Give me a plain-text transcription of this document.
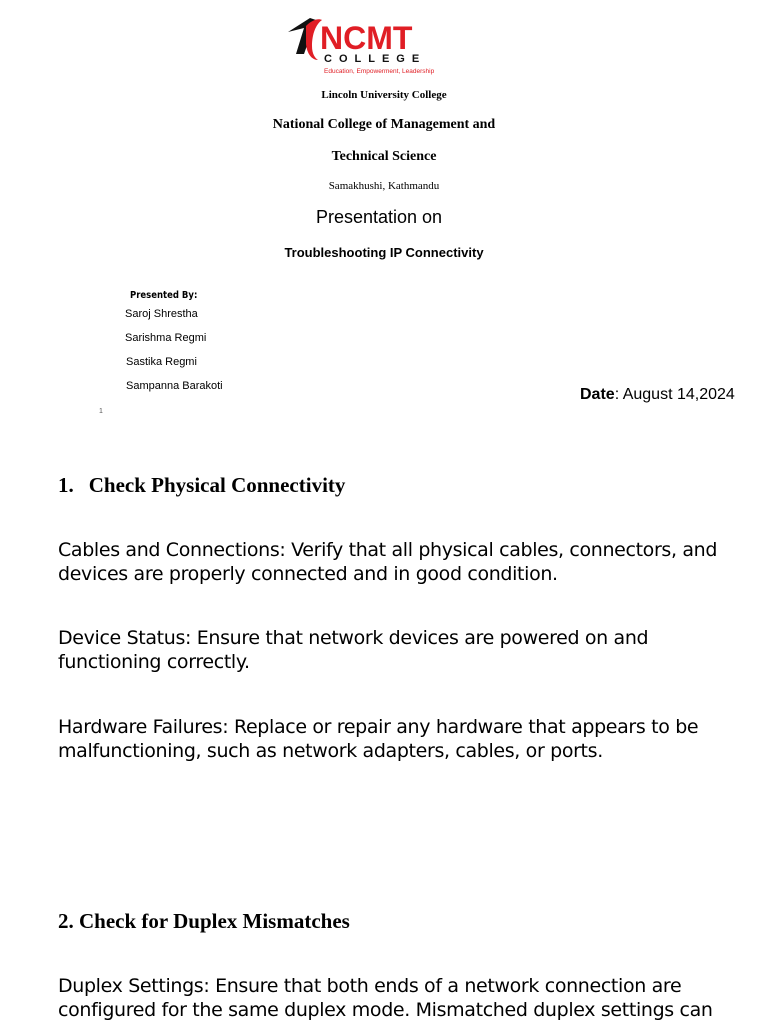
NCMT
COLLEGE
Education, Empowerment, Leadership
Lincoln University College
National College of Management and
Technical Science
Samakhushi, Kathmandu
Presentation on
Troubleshooting IP Connectivity
Presented By:
Saroj Shrestha
Sarishma Regmi
Sastika Regmi
Sampanna Barakoti
1
Date: August 14,2024
1. Check Physical Connectivity
Cables and Connections: Verify that all physical cables, connectors, and devices are properly connected and in good condition.
Device Status: Ensure that network devices are powered on and functioning correctly.
Hardware Failures: Replace or repair any hardware that appears to be malfunctioning, such as network adapters, cables, or ports.
2. Check for Duplex Mismatches
Duplex Settings: Ensure that both ends of a network connection are configured for the same duplex mode. Mismatched duplex settings can
